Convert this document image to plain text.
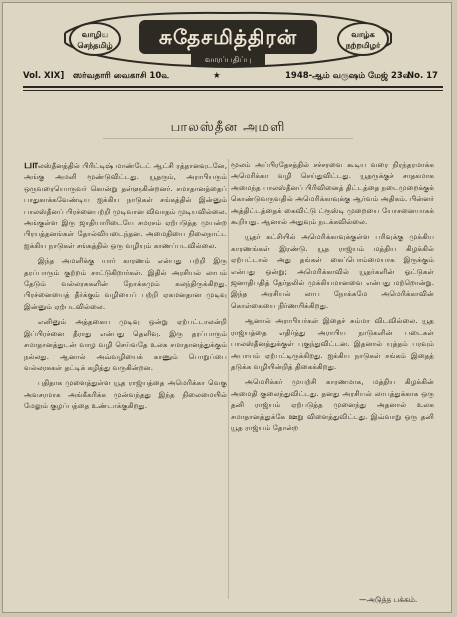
வாழிய செந்தமிழ்	சுதேசமித்திரன்	வாழ்க நற்றமிழர்
வாரப்பதிப்பு
Vol. XIX] ஸர்வதாரி வைகாசி 10௳	★	1948-ஆம் வருஷம் மேஜ் 23௳
No. 17
பாலஸ்தீன அமளி

பாலஸ்தீனத்தில் பிரிட்டிஷ் மாண்டேட் ஆட்சி ரத்தானவுடனே, அங்கு அமளி மூண்டுவிட்டது. யூதரும், அராபியரும் ஒருவரையொருவர் கொன்று தள்ளுகின்றனர். சமாதானத்தைப் பாதுகாக்கவேண்டிய ஐக்கிய நாடுகள் சங்கத்தில் இன்னும் பாலஸ்தீனப் பிரச்னைபற்றி முடிவான விவாதம் முடியவில்லை. அங்குள்ள இரு ஜாதியாரிடையே சமரசம் ஏற்படுத்த முயன்ற பிரயத்தனங்கள் தோல்வியடைந்தன. அமைதியை நிலைநாட்ட ஐக்கிய நாடுகள் சங்கத்தில் ஒரு வழியும் காணப்படவில்லை.

இந்த அமளிக்கு யார் காரணம் என்பது பற்றி இரு தரப்பாரும் குற்றம் சாட்டுகிறார்கள். இதில் அரசியல் லாபம் தேடும் வல்லரசுகளின் நோக்கமும் கலந்திருக்கிறது. பிரச்னையைத் தீர்க்கும் வழியைப் பற்றி ஏகமனதான முடிவு இன்னும் ஏற்படவில்லை.

எனினும் அத்தகைய முடிவு ஒன்று ஏற்பட்டாலன்றி இப்பிரச்னை தீராது என்பது தெளிவு. இரு தரப்பாரும் சமாதானத்துடன் வாழ வழி செய்வதே உலக சமாதானத்துக்கும் நல்லது. ஆனால் அவ்வழியைக் காணும் பொறுப்பை வல்லரசுகள் தட்டிக் கழித்து வருகின்றன.

புதிதாக முளைத்துள்ள யூத ராஜ்யத்தை அமெரிக்கா வெகு அவசரமாக அங்கீகரிக்க முன்வந்தது இந்த நிலைமையில் மேலும் குழப்பத்தை உண்டாக்குகிறது.

மூலம் அப்பிரதேசத்தில் சச்சரவை கூடிய வரை நிரந்தரமாக்க அமெரிக்கா வழி செய்துவிட்டது. யூதருக்குச் சாதகமாக அமைந்த பாலஸ்தீனப் பிரிவினைத் திட்டத்தை நடைமுறைக்குக் கொண்டுவருவதில் அமெரிக்காவுக்கு ஆர்வம் அதிகம். பின்னர் அத்திட்டத்தைக் கைவிட்டு ட்ரூஸ்டி முறையை யோசனையாகக் கூறியது. ஆனால் அதுவும் நடக்கவில்லை.

யூதர் கட்சியில் அமெரிக்காவுக்குள்ள பரிவுக்கு முக்கிய காரணங்கள் இரண்டு. யூத ராஜ்யம் மத்திய கிழக்கில் ஏற்பட்டால் அது தங்கள் கைப்பொம்மையாக இருக்கும் என்பது ஒன்று; அமெரிக்காவில் யூதர்களின் ஓட்டுகள் ஜனாதிபதித் தேர்தலில் முக்கியமானவை என்பது மற்றொன்று. இந்த அரசியல் லாப நோக்கமே அமெரிக்காவின் கொள்கையை நிர்ணயிக்கிறது.

ஆனால் அராபியர்கள் இதைச் சும்மா விடவில்லை. யூத ராஜ்யத்தை எதிர்த்து அராபிய நாடுகளின் படைகள் பாலஸ்தீனத்துக்குள் புகுந்துவிட்டன. இதனால் யுத்தம் பரவும் அபாயம் ஏற்பட்டிருக்கிறது. ஐக்கிய நாடுகள் சங்கம் இதைத் தடுக்க வழியின்றித் திகைக்கிறது.

அமெரிக்கர் முயற்சி காரணமாக, மத்திய கிழக்கின் அமைதி குலைந்துவிட்டது. தனது அரசியல் லாபத்துக்காக ஒரு தனி ராஜ்யம் ஏற்படுத்த முனைந்து அதனால் உலக சமாதானத்துக்கே ஊறு விளைத்துவிட்டது. இவ்வாறு ஒரு தனி யூத ராஜ்யம் தோன்ற

—அடுத்த பக்கம்.
